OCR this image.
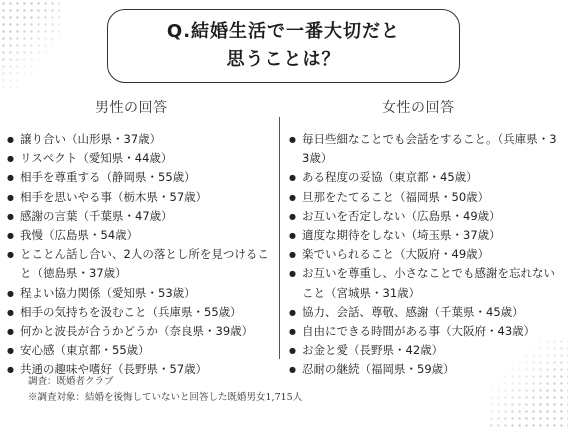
Q.結婚生活で一番大切だと
思うことは？
男性の回答	女性の回答
● 譲り合い（山形県・37歳）
● リスペクト（愛知県・44歳）
● 相手を尊重する（静岡県・55歳）
● 相手を思いやる事（栃木県・57歳）
● 感謝の言葉（千葉県・47歳）
● 我慢（広島県・54歳）
● とことん話し合い、2人の落とし所を見つけること（徳島県・37歳）
● 程よい協力関係（愛知県・53歳）
● 相手の気持ちを汲むこと（兵庫県・55歳）
● 何かと波長が合うかどうか（奈良県・39歳）
● 安心感（東京都・55歳）
● 共通の趣味や嗜好（長野県・57歳）
● 毎日些細なことでも会話をすること。（兵庫県・33歳）
● ある程度の妥協（東京都・45歳）
● 旦那をたてること（福岡県・50歳）
● お互いを否定しない（広島県・49歳）
● 適度な期待をしない（埼玉県・37歳）
● 楽でいられること（大阪府・49歳）
● お互いを尊重し、小さなことでも感謝を忘れないこと（宮城県・31歳）
● 協力、会話、尊敬、感謝（千葉県・45歳）
● 自由にできる時間がある事（大阪府・43歳）
● お金と愛（長野県・42歳）
● 忍耐の継続（福岡県・59歳）
調査：既婚者クラブ
※調査対象：結婚を後悔していないと回答した既婚男女1,715人
